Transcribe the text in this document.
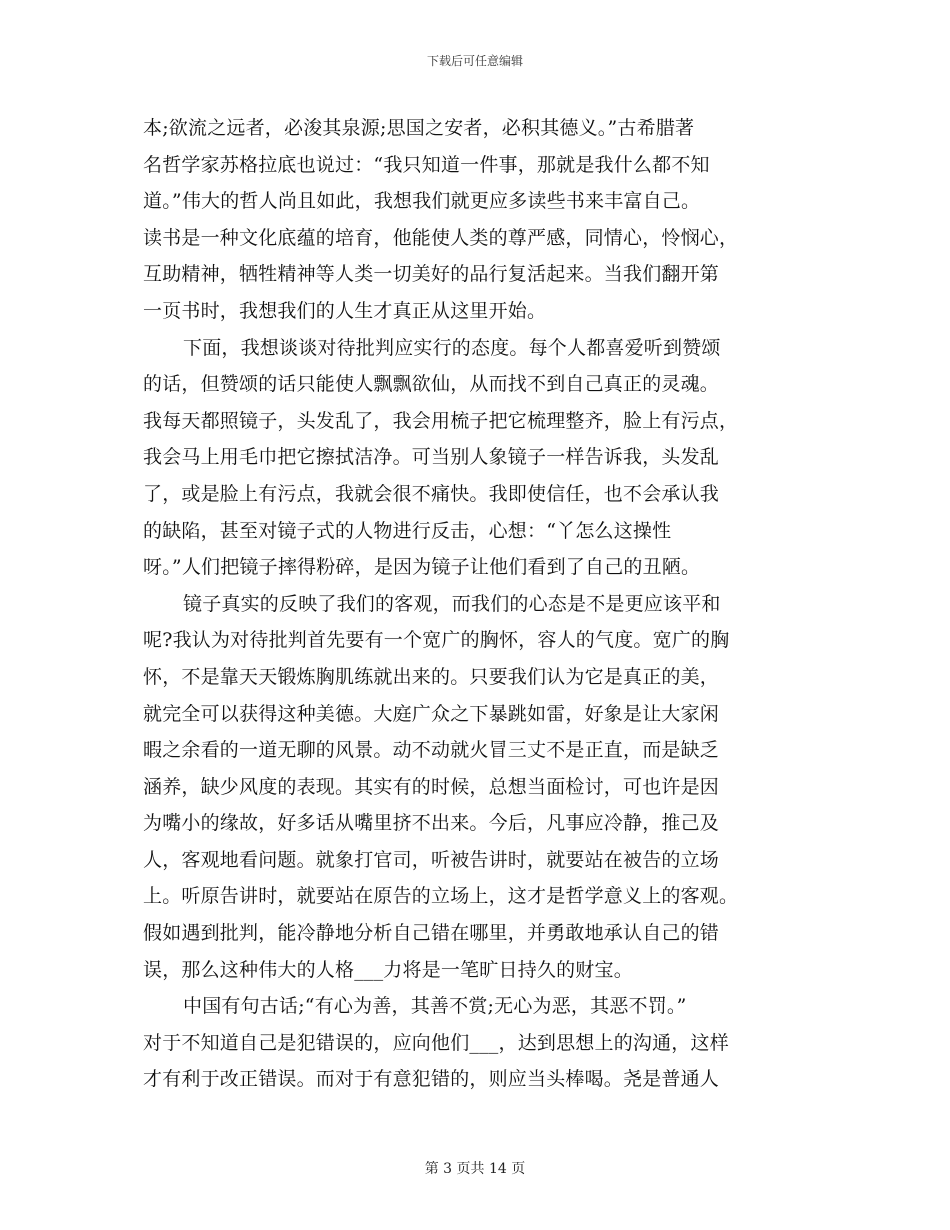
下载后可任意编辑
本;欲流之远者，必浚其泉源;思国之安者，必积其德义。”古希腊著
名哲学家苏格拉底也说过：“我只知道一件事，那就是我什么都不知
道。”伟大的哲人尚且如此，我想我们就更应多读些书来丰富自己。
读书是一种文化底蕴的培育，他能使人类的尊严感，同情心，怜悯心，
互助精神，牺牲精神等人类一切美好的品行复活起来。当我们翻开第
一页书时，我想我们的人生才真正从这里开始。
下面，我想谈谈对待批判应实行的态度。每个人都喜爱听到赞颂
的话，但赞颂的话只能使人飘飘欲仙，从而找不到自己真正的灵魂。
我每天都照镜子，头发乱了，我会用梳子把它梳理整齐，脸上有污点，
我会马上用毛巾把它擦拭洁净。可当别人象镜子一样告诉我，头发乱
了，或是脸上有污点，我就会很不痛快。我即使信任，也不会承认我
的缺陷，甚至对镜子式的人物进行反击，心想：“丫怎么这操性
呀。”人们把镜子摔得粉碎，是因为镜子让他们看到了自己的丑陋。
镜子真实的反映了我们的客观，而我们的心态是不是更应该平和
呢?我认为对待批判首先要有一个宽广的胸怀，容人的气度。宽广的胸
怀，不是靠天天锻炼胸肌练就出来的。只要我们认为它是真正的美，
就完全可以获得这种美德。大庭广众之下暴跳如雷，好象是让大家闲
暇之余看的一道无聊的风景。动不动就火冒三丈不是正直，而是缺乏
涵养，缺少风度的表现。其实有的时候，总想当面检讨，可也许是因
为嘴小的缘故，好多话从嘴里挤不出来。今后，凡事应冷静，推己及
人，客观地看问题。就象打官司，听被告讲时，就要站在被告的立场
上。听原告讲时，就要站在原告的立场上，这才是哲学意义上的客观。
假如遇到批判，能冷静地分析自己错在哪里，并勇敢地承认自己的错
误，那么这种伟大的人格___力将是一笔旷日持久的财宝。
中国有句古话;“有心为善，其善不赏;无心为恶，其恶不罚。”
对于不知道自己是犯错误的，应向他们___，达到思想上的沟通，这样
才有利于改正错误。而对于有意犯错的，则应当头棒喝。尧是普通人
第 3 页共 14 页
